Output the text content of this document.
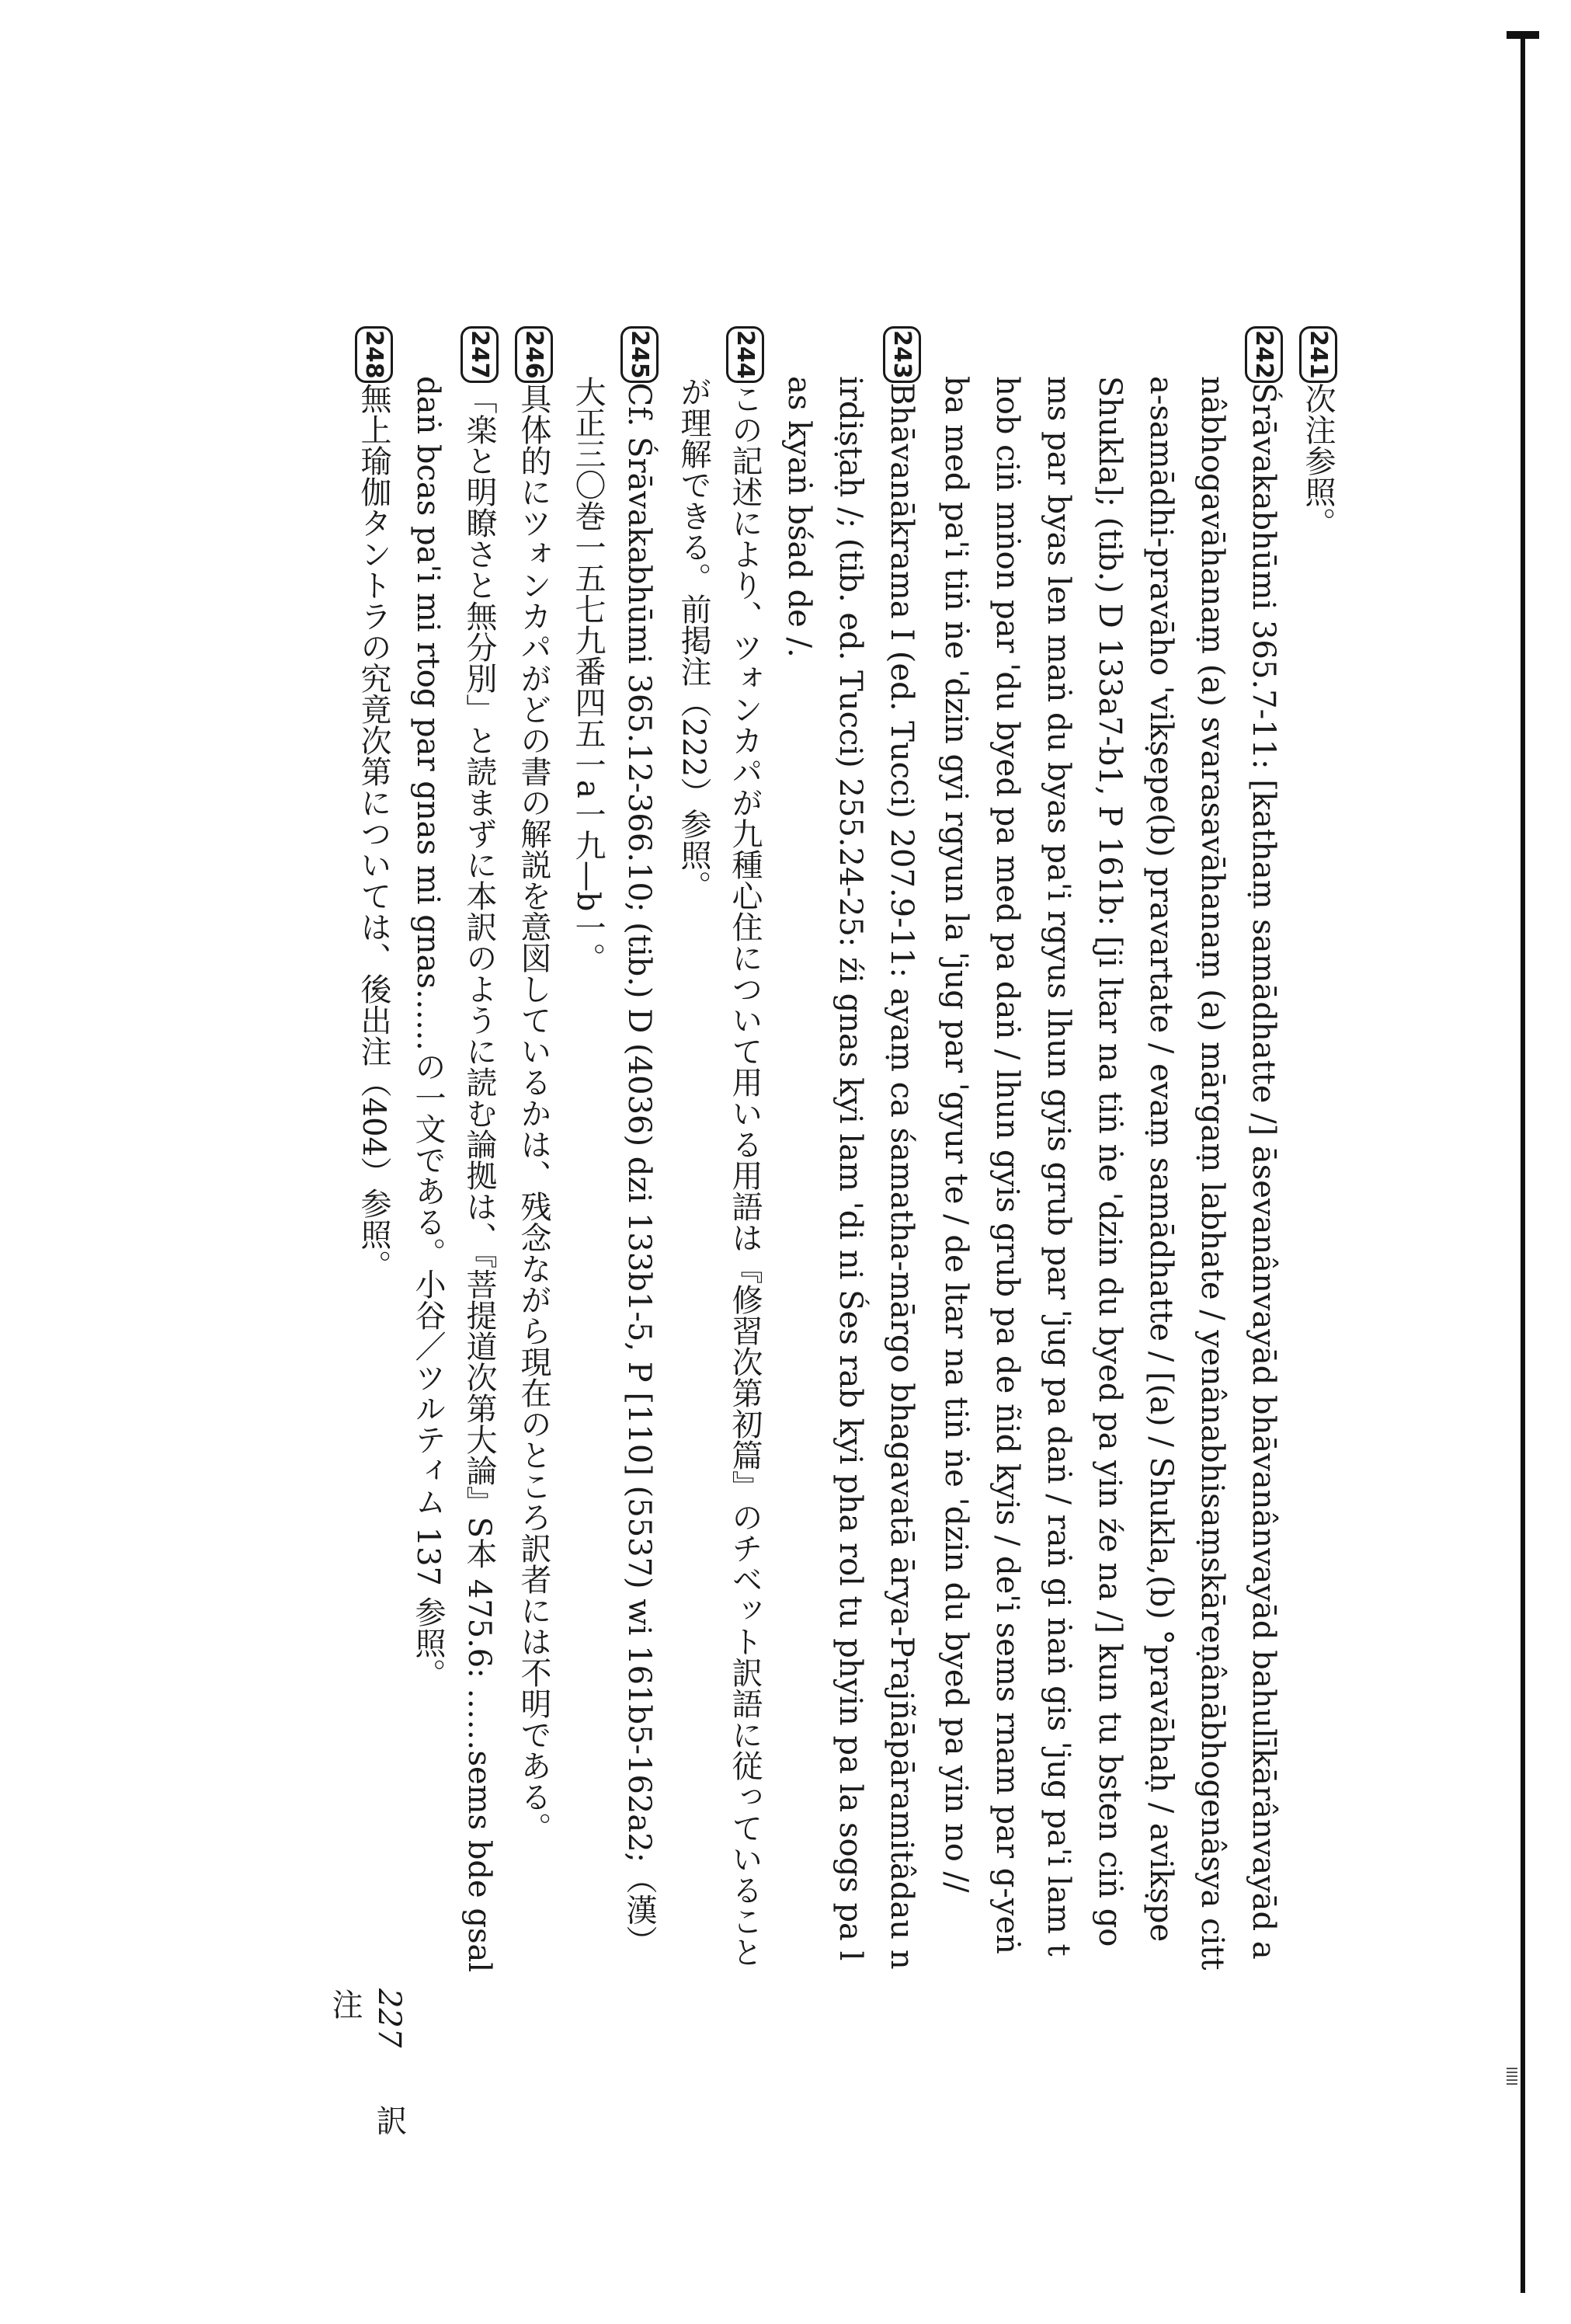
241次注参照。

242Śrāvakabhūmi 365.7-11: [kathaṃ samādhatte /] āsevanânvayād bhāvanânvayād bahulīkārânvayād anâbhogavāhanaṃ (a) svarasavāhanaṃ (a) mārgaṃ labhate / yenânabhisaṃskāreṇânābhogenâsya citta-samādhi-pravāho 'vikṣepe(b) pravartate / evaṃ samādhatte / [(a) / Shukla,(b) °pravāhaḥ / avikṣpe Shukla]; (tib.) D 133a7-b1, P 161b: [ji ltar na tiṅ ṅe 'dzin du byed pa yin źe na /] kun tu bsten ciṅ goms par byas len maṅ du byas pa'i rgyus lhun gyis grub par 'jug pa daṅ / raṅ gi ṅaṅ gis 'jug pa'i lam thob ciṅ mṅon par 'du byed pa med pa daṅ / lhun gyis grub pa de ñid kyis / de'i sems rnam par g-yeṅ ba med pa'i tiṅ ṅe 'dzin gyi rgyun la 'jug par 'gyur te / de ltar na tiṅ ṅe 'dzin du byed pa yin no //

243Bhāvanākrama I (ed. Tucci) 207.9-11: ayaṃ ca śamatha-mārgo bhagavatā ārya-Prajñāpāramitâdau nirdiṣṭaḥ /; (tib. ed. Tucci) 255.24-25: źi gnas kyi lam 'di ni Śes rab kyi pha rol tu phyin pa la sogs pa las kyaṅ bśad de /.

244この記述により、ツォンカパが九種心住について用いる用語は『修習次第初篇』のチベット訳語に従っていることが理解できる。前掲注（222）参照。

245Cf. Śrāvakabhūmi 365.12-366.10; (tib.) D (4036) dzi 133b1-5, P [110] (5537) wi 161b5-162a2;（漢）大正三〇巻一五七九番四五一a一九—b一。

246具体的にツォンカパがどの書の解説を意図しているかは、残念ながら現在のところ訳者には不明である。

247「楽と明瞭さと無分別」と読まずに本訳のように読む論拠は、『菩提道次第大論』S本 475.6: ……sems bde gsal daṅ bcas pa'i mi rtog par gnas mi gnas……の一文である。小谷／ツルティム 137 参照。

248無上瑜伽タントラの究竟次第については、後出注（404）参照。

227 訳注
